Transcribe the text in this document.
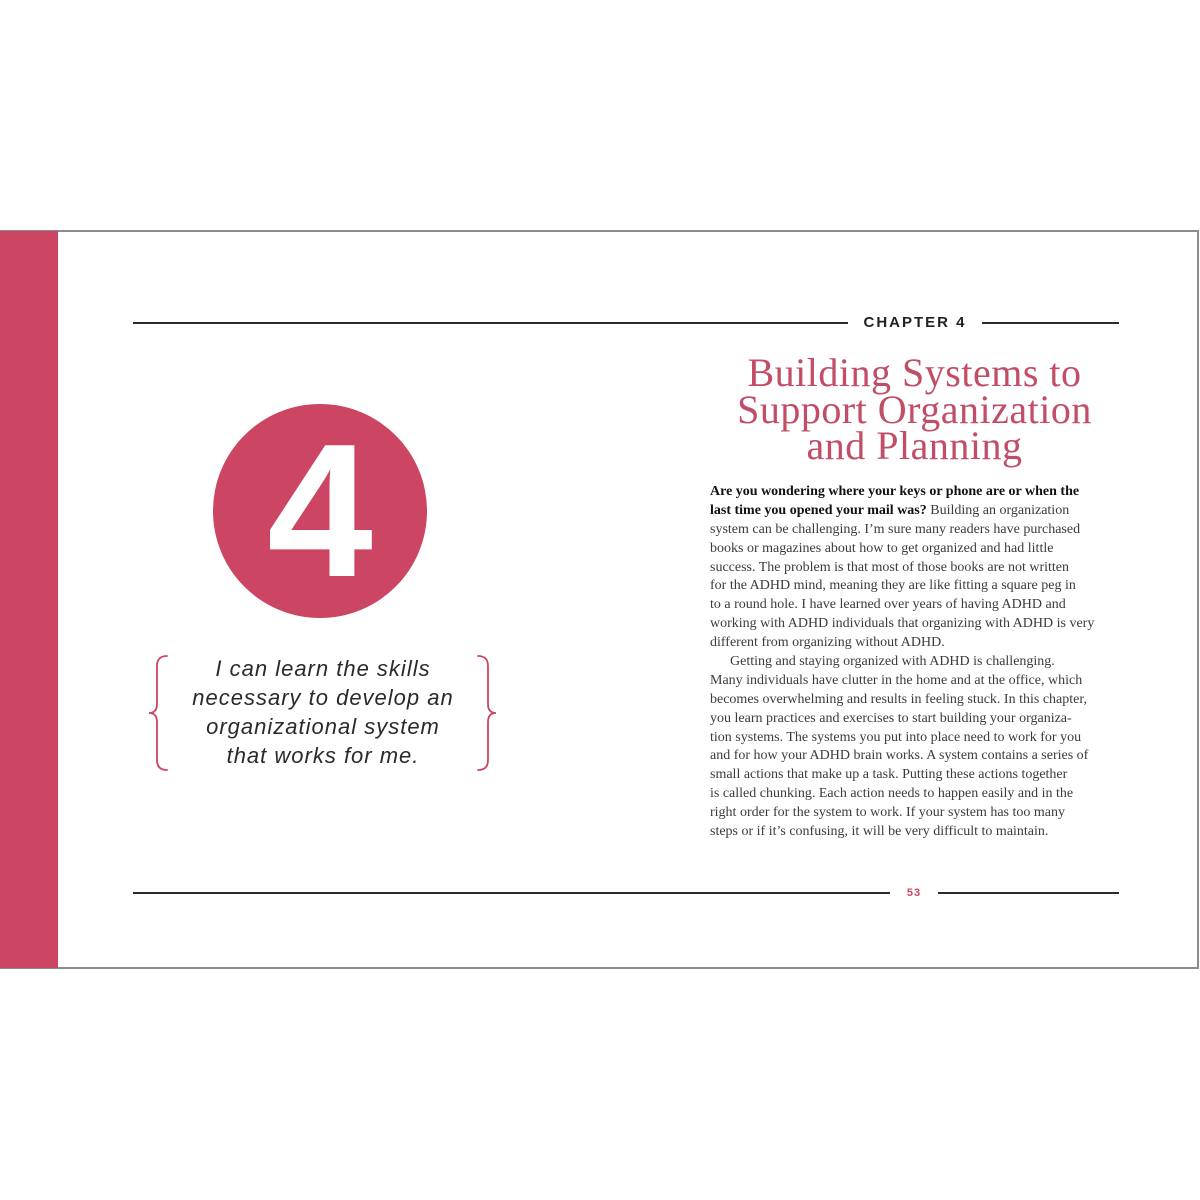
CHAPTER 4
Building Systems to
Support Organization
and Planning
4
I can learn the skills
necessary to develop an
organizational system
that works for me.
Are you wondering where your keys or phone are or when the
last time you opened your mail was? Building an organization
system can be challenging. I’m sure many readers have purchased
books or magazines about how to get organized and had little
success. The problem is that most of those books are not written
for the ADHD mind, meaning they are like fitting a square peg in
to a round hole. I have learned over years of having ADHD and
working with ADHD individuals that organizing with ADHD is very
different from organizing without ADHD.
Getting and staying organized with ADHD is challenging.
Many individuals have clutter in the home and at the office, which
becomes overwhelming and results in feeling stuck. In this chapter,
you learn practices and exercises to start building your organiza-
tion systems. The systems you put into place need to work for you
and for how your ADHD brain works. A system contains a series of
small actions that make up a task. Putting these actions together
is called chunking. Each action needs to happen easily and in the
right order for the system to work. If your system has too many
steps or if it’s confusing, it will be very difficult to maintain.
53
